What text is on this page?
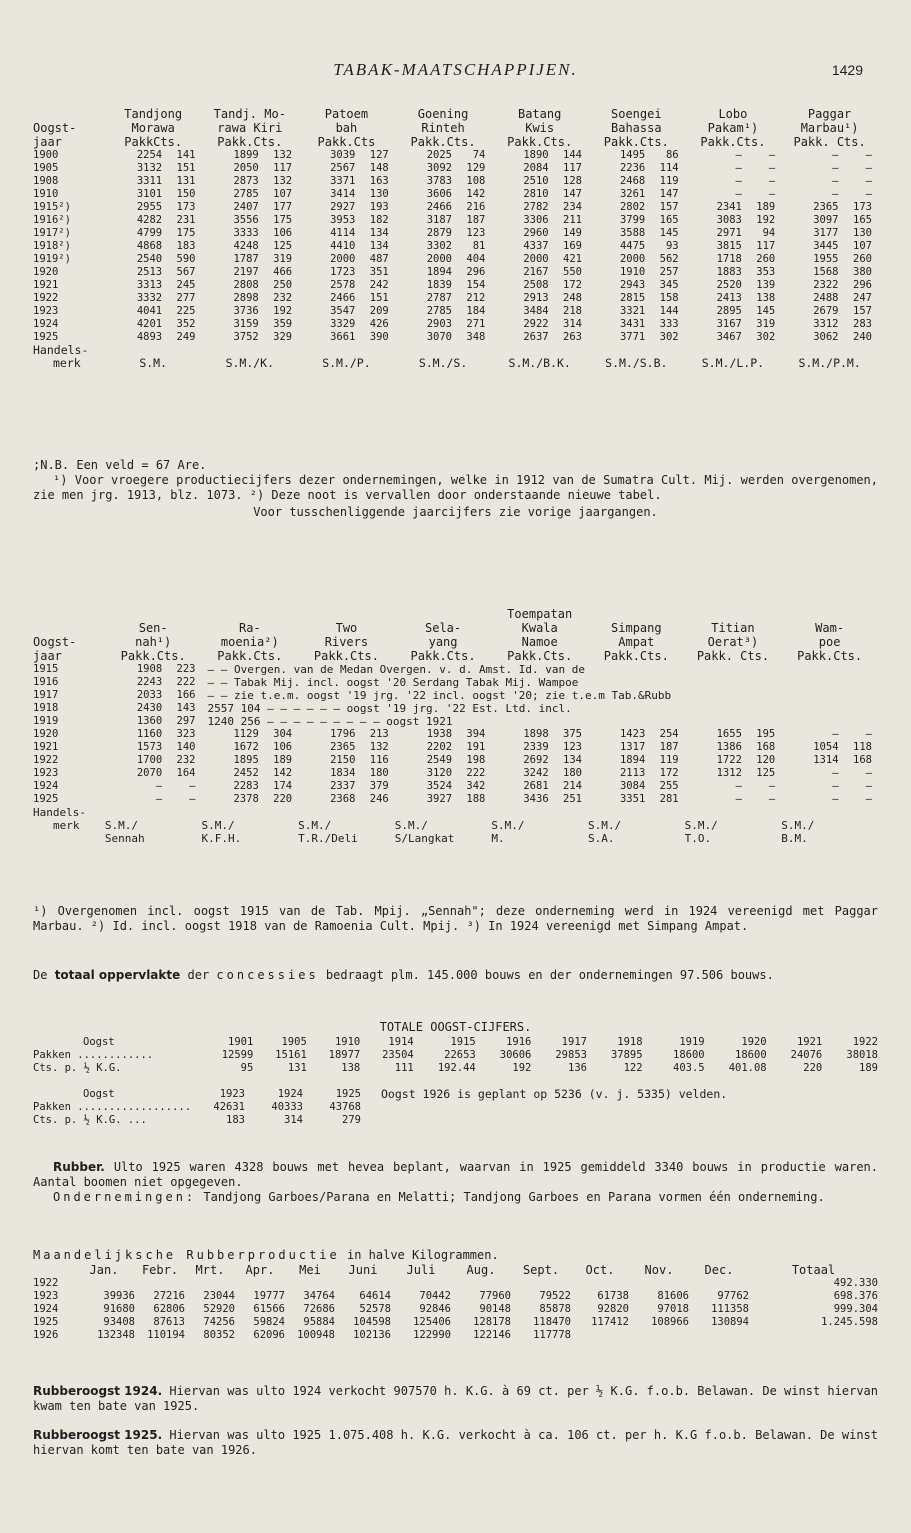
TABAK-MAATSCHAPPIJEN.	1429
	Tandjong		Tandj. Mo-		Patoem		Goening		Batang		Soengei		Lobo		Paggar	
Oogst-	Morawa		rawa Kiri		bah		Rinteh		Kwis		Bahassa		Pakam¹)		Marbau¹)	
jaar	PakkCts.		Pakk.Cts.		Pakk.Cts		Pakk.Cts.		Pakk.Cts.		Pakk.Cts.		Pakk.Cts.		Pakk. Cts.	
1900	2254	141	1899	132	3039	127	2025	74	1890	144	1495	86	—	—	—	—
1905	3132	151	2050	117	2567	148	3092	129	2084	117	2236	114	—	—	—	—
1908	3311	131	2873	132	3371	163	3783	108	2510	128	2468	119	—	—	—	—
1910	3101	150	2785	107	3414	130	3606	142	2810	147	3261	147	—	—	—	—
1915²)	2955	173	2407	177	2927	193	2466	216	2782	234	2802	157	2341	189	2365	173
1916²)	4282	231	3556	175	3953	182	3187	187	3306	211	3799	165	3083	192	3097	165
1917²)	4799	175	3333	106	4114	134	2879	123	2960	149	3588	145	2971	94	3177	130
1918²)	4868	183	4248	125	4410	134	3302	81	4337	169	4475	93	3815	117	3445	107
1919²)	2540	590	1787	319	2000	487	2000	404	2000	421	2000	562	1718	260	1955	260
1920	2513	567	2197	466	1723	351	1894	296	2167	550	1910	257	1883	353	1568	380
1921	3313	245	2808	250	2578	242	1839	154	2508	172	2943	345	2520	139	2322	296
1922	3332	277	2898	232	2466	151	2787	212	2913	248	2815	158	2413	138	2488	247
1923	4041	225	3736	192	3547	209	2785	184	3484	218	3321	144	2895	145	2679	157
1924	4201	352	3159	359	3329	426	2903	271	2922	314	3431	333	3167	319	3312	283
1925	4893	249	3752	329	3661	390	3070	348	2637	263	3771	302	3467	302	3062	240
Handels-																
merk	S.M.		S.M./K.		S.M./P.		S.M./S.		S.M./B.K.		S.M./S.B.		S.M./L.P.		S.M./P.M.	
;N.B. Een veld = 67 Are.
¹) Voor vroegere productiecijfers dezer ondernemingen, welke in 1912 van de Sumatra Cult. Mij. werden overgenomen, zie men jrg. 1913, blz. 1073. ²) Deze noot is vervallen door onderstaande nieuwe tabel.
Voor tusschenliggende jaarcijfers zie vorige jaargangen.
									Toempatan							
	Sen-		Ra-		Two		Sela-		Kwala		Simpang		Titian		Wam-	
Oogst-	nah¹)		moenia²)		Rivers		yang		Namoe		Ampat		Oerat³)		poe	
jaar	Pakk.Cts.		Pakk.Cts.		Pakk.Cts.		Pakk.Cts.		Pakk.Cts.		Pakk.Cts.		Pakk. Cts.		Pakk.Cts.	
1915	1908	223	— — Overgen. van de Medan Overgen. v. d. Amst. Id. van de													
1916	2243	222	— — Tabak Mij. incl. oogst '20 Serdang Tabak Mij. Wampoe													
1917	2033	166	— — zie t.e.m. oogst '19 jrg. '22 incl. oogst '20; zie t.e.m Tab.&Rubb													
1918	2430	143	2557 104 — — — — — — oogst '19 jrg. '22 Est. Ltd. incl.													
1919	1360	297	1240 256 — — — — — — — — — oogst 1921													
1920	1160	323	1129	304	1796	213	1938	394	1898	375	1423	254	1655	195	—	—
1921	1573	140	1672	106	2365	132	2202	191	2339	123	1317	187	1386	168	1054	118
1922	1700	232	1895	189	2150	116	2549	198	2692	134	1894	119	1722	120	1314	168
1923	2070	164	2452	142	1834	180	3120	222	3242	180	2113	172	1312	125	—	—
1924	—	—	2283	174	2337	379	3524	342	2681	214	3084	255	—	—	—	—
1925	—	—	2378	220	2368	246	3927	188	3436	251	3351	281	—	—	—	—
Handels-																
merk	S.M./		S.M./		S.M./		S.M./		S.M./		S.M./		S.M./		S.M./	
	Sennah		K.F.H.		T.R./Deli		S/Langkat		M.		S.A.		T.O.		B.M.	
¹) Overgenomen incl. oogst 1915 van de Tab. Mpij. „Sennah"; deze onderneming werd in 1924 vereenigd met Paggar Marbau. ²) Id. incl. oogst 1918 van de Ramoenia Cult. Mpij. ³) In 1924 vereenigd met Simpang Ampat.
De totaal oppervlakte der concessies bedraagt plm. 145.000 bouws en der ondernemingen 97.506 bouws.
TOTALE OOGST-CIJFERS.
Oogst	1901	1905	1910	1914	1915	1916	1917	1918	1919	1920	1921	1922
Pakken ............	12599	15161	18977	23504	22653	30606	29853	37895	18600	18600	24076	38018
Cts. p. ½ K.G.	95	131	138	111	192.44	192	136	122	403.5	401.08	220	189
Oogst	1923	1924	1925	Oogst 1926 is geplant op 5236 (v. j. 5335) velden.
Pakken ..................	42631	40333	43768	
Cts. p. ½ K.G. ...	183	314	279	
Rubber. Ulto 1925 waren 4328 bouws met hevea beplant, waarvan in 1925 gemiddeld 3340 bouws in productie waren. Aantal boomen niet opgegeven.
Ondernemingen: Tandjong Garboes/Parana en Melatti; Tandjong Garboes en Parana vormen één onderneming.
Maandelijksche Rubberproductie in halve Kilogrammen.
	Jan.	Febr.	Mrt.	Apr.	Mei	Juni	Juli	Aug.	Sept.	Oct.	Nov.	Dec.	Totaal
1922													492.330
1923	39936	27216	23044	19777	34764	64614	70442	77960	79522	61738	81606	97762	698.376
1924	91680	62806	52920	61566	72686	52578	92846	90148	85878	92820	97018	111358	999.304
1925	93408	87613	74256	59824	95884	104598	125406	128178	118470	117412	108966	130894	1.245.598
1926	132348	110194	80352	62096	100948	102136	122990	122146	117778				
Rubberoogst 1924. Hiervan was ulto 1924 verkocht 907570 h. K.G. à 69 ct. per ½ K.G. f.o.b. Belawan. De winst hiervan kwam ten bate van 1925.
Rubberoogst 1925. Hiervan was ulto 1925 1.075.408 h. K.G. verkocht à ca. 106 ct. per h. K.G f.o.b. Belawan. De winst hiervan komt ten bate van 1926.
